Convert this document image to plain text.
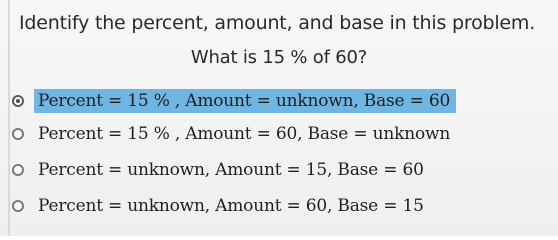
Identify the percent, amount, and base in this problem.
What is 15 % of 60?
Percent = 15 % , Amount = unknown, Base = 60
Percent = 15 % , Amount = 60, Base = unknown
Percent = unknown, Amount = 15, Base = 60
Percent = unknown, Amount = 60, Base = 15
